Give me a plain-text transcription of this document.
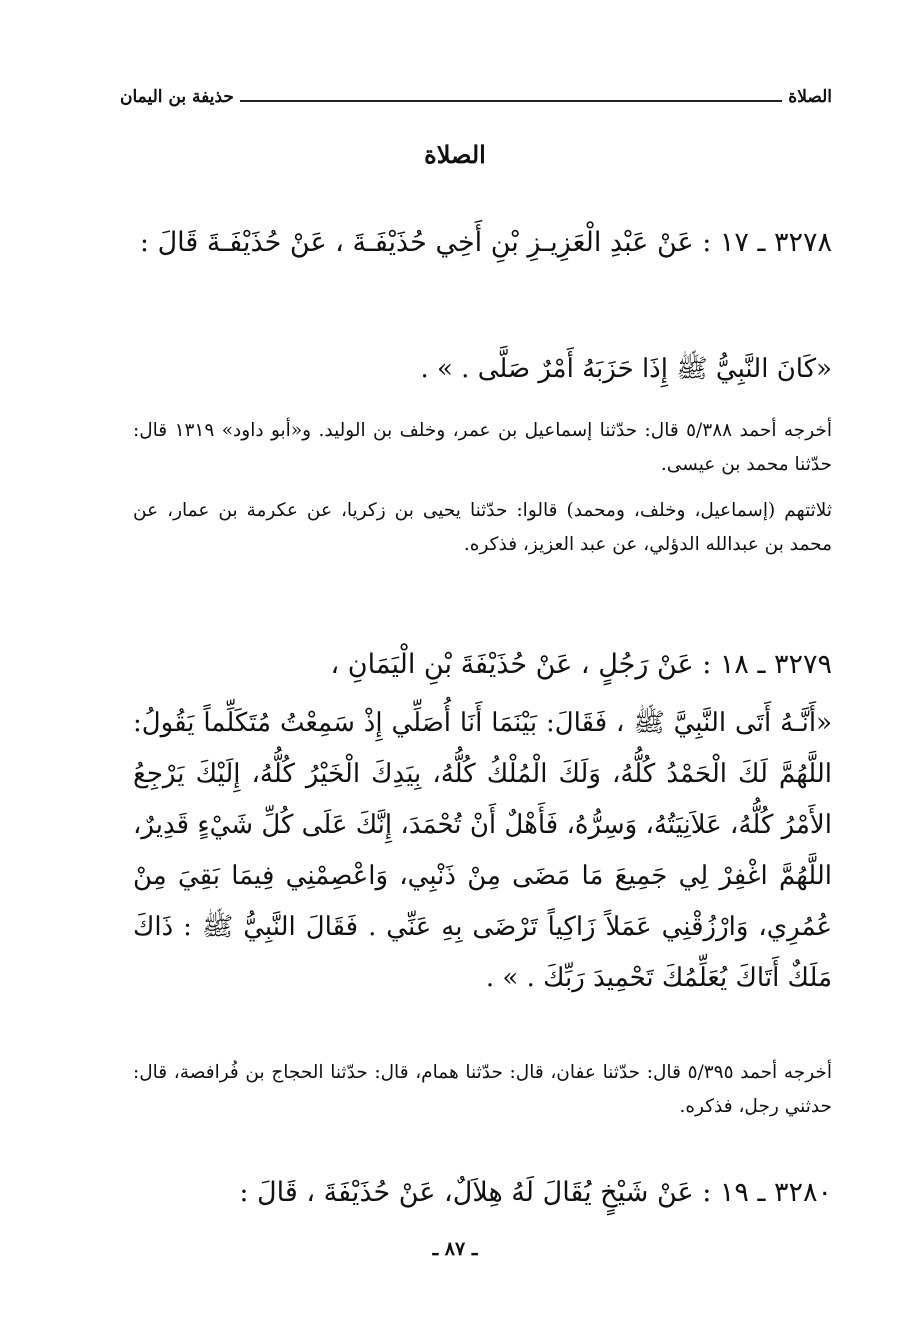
الصلاة
حذيفة بن اليمان
الصلاة
٣٢٧٨ ـ ١٧ : عَنْ عَبْدِ الْعَزِيـزِ بْنِ أَخِي حُذَيْفَـةَ ، عَنْ حُذَيْفَـةَ قَالَ :
«كَانَ النَّبِيُّ ﷺ إِذَا حَزَبَهُ أَمْرٌ صَلَّى . » .

أخرجه أحمد ٥/٣٨٨ قال: حدّثنا إسماعيل بن عمر، وخلف بن الوليد. و«أبو داود» ١٣١٩ قال: حدّثنا محمد بن عيسى.

ثلاثتهم (إسماعيل، وخلف، ومحمد) قالوا: حدّثنا يحيى بن زكريا، عن عكرمة بن عمار، عن محمد بن عبدالله الدؤلي، عن عبد العزيز، فذكره.

٣٢٧٩ ـ ١٨ : عَنْ رَجُلٍ ، عَنْ حُذَيْفَةَ بْنِ الْيَمَانِ ،
«أَنَّـهُ أَتَى النَّبِيَّ ﷺ ، فَقَالَ: بَيْنَمَا أَنَا أُصَلِّي إِذْ سَمِعْتُ مُتَكَلِّماً يَقُولُ: اللَّهُمَّ لَكَ الْحَمْدُ كُلُّهُ، وَلَكَ الْمُلْكُ كُلُّهُ، بِيَدِكَ الْخَيْرُ كُلُّهُ، إِلَيْكَ يَرْجِعُ الأَمْرُ كُلُّهُ، عَلاَنِيَتُهُ، وَسِرُّهُ، فَأَهْلٌ أَنْ تُحْمَدَ، إِنَّكَ عَلَى كُلِّ شَيْءٍ قَدِيرٌ، اللَّهُمَّ اغْفِرْ لِي جَمِيعَ مَا مَضَى مِنْ ذَنْبِي، وَاعْصِمْنِي فِيمَا بَقِيَ مِنْ عُمُرِي، وَارْزُقْنِي عَمَلاً زَاكِياً تَرْضَى بِهِ عَنِّي . فَقَالَ النَّبِيُّ ﷺ : ذَاكَ مَلَكٌ أَتَاكَ يُعَلِّمُكَ تَحْمِيدَ رَبِّكَ . » .

أخرجه أحمد ٥/٣٩٥ قال: حدّثنا عفان، قال: حدّثنا همام، قال: حدّثنا الحجاج بن فُرافصة، قال: حدثني رجل، فذكره.

٣٢٨٠ ـ ١٩ : عَنْ شَيْخٍ يُقَالَ لَهُ هِلاَلٌ، عَنْ حُذَيْفَةَ ، قَالَ :
ـ ٨٧ ـ
